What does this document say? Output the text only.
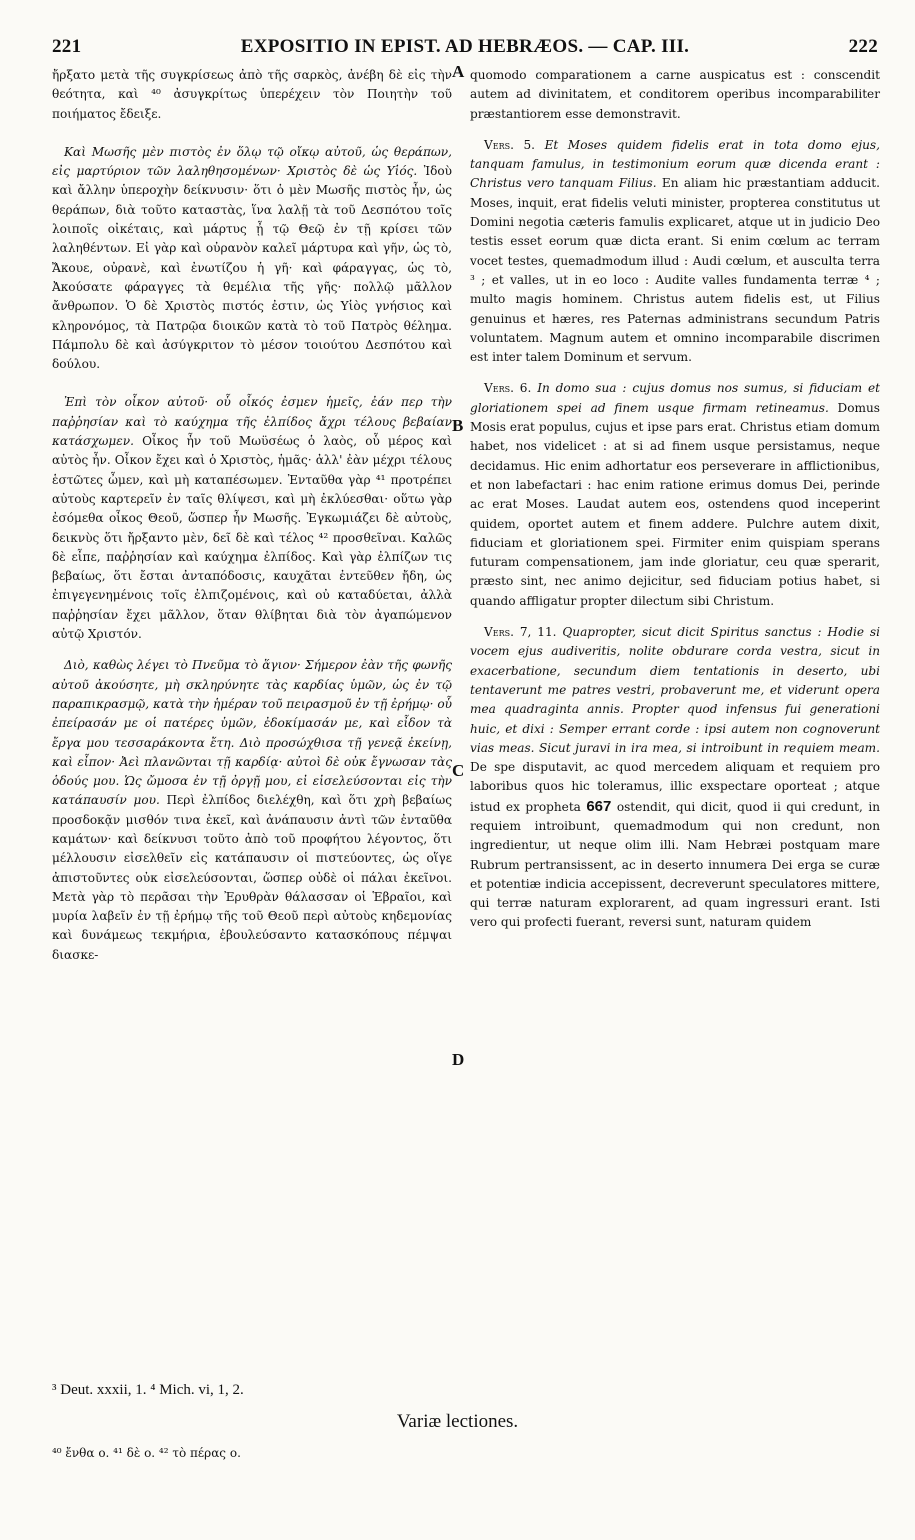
221	EXPOSITIO IN EPIST. AD HEBRÆOS. — CAP. III.	222
A
B
C
D

ἤρξατο μετὰ τῆς συγκρίσεως ἀπὸ τῆς σαρκὸς, ἀνέβη δὲ εἰς τὴν θεότητα, καὶ ⁴⁰ ἀσυγκρίτως ὑπερέχειν τὸν Ποιητὴν τοῦ ποιήματος ἔδειξε.

Καὶ Μωσῆς μὲν πιστὸς ἐν ὅλῳ τῷ οἴκῳ αὐτοῦ, ὡς θεράπων, εἰς μαρτύριον τῶν λαληθησομένων· Χριστὸς δὲ ὡς Υἱός. Ἰδοὺ καὶ ἄλλην ὑπεροχὴν δείκνυσιν· ὅτι ὁ μὲν Μωσῆς πιστὸς ἦν, ὡς θεράπων, διὰ τοῦτο καταστὰς, ἵνα λαλῇ τὰ τοῦ Δεσπότου τοῖς λοιποῖς οἰκέταις, καὶ μάρτυς ᾖ τῷ Θεῷ ἐν τῇ κρίσει τῶν λαληθέντων. Εἰ γὰρ καὶ οὐρανὸν καλεῖ μάρτυρα καὶ γῆν, ὡς τὸ, Ἄκουε, οὐρανὲ, καὶ ἐνωτίζου ἡ γῆ· καὶ φάραγγας, ὡς τὸ, Ἀκούσατε φάραγγες τὰ θεμέλια τῆς γῆς· πολλῷ μᾶλλον ἄνθρωπον. Ὁ δὲ Χριστὸς πιστός ἐστιν, ὡς Υἱὸς γνήσιος καὶ κληρονόμος, τὰ Πατρῷα διοικῶν κατὰ τὸ τοῦ Πατρὸς θέλημα. Πάμπολυ δὲ καὶ ἀσύγκριτον τὸ μέσον τοιούτου Δεσπότου καὶ δούλου.

Ἐπὶ τὸν οἶκον αὐτοῦ· οὗ οἶκός ἐσμεν ἡμεῖς, ἐάν περ τὴν παῤῥησίαν καὶ τὸ καύχημα τῆς ἐλπίδος ἄχρι τέλους βεβαίαν κατάσχωμεν. Οἶκος ἦν τοῦ Μωϋσέως ὁ λαὸς, οὗ μέρος καὶ αὐτὸς ἦν. Οἶκον ἔχει καὶ ὁ Χριστὸς, ἡμᾶς· ἀλλ' ἐὰν μέχρι τέλους ἑστῶτες ὦμεν, καὶ μὴ καταπέσωμεν. Ἐνταῦθα γὰρ ⁴¹ προτρέπει αὐτοὺς καρτερεῖν ἐν ταῖς θλίψεσι, καὶ μὴ ἐκλύεσθαι· οὕτω γὰρ ἐσόμεθα οἶκος Θεοῦ, ὥσπερ ἦν Μωσῆς. Ἐγκωμιάζει δὲ αὐτοὺς, δεικνὺς ὅτι ἤρξαντο μὲν, δεῖ δὲ καὶ τέλος ⁴² προσθεῖναι. Καλῶς δὲ εἶπε, παῤῥησίαν καὶ καύχημα ἐλπίδος. Καὶ γὰρ ἐλπίζων τις βεβαίως, ὅτι ἔσται ἀνταπόδοσις, καυχᾶται ἐντεῦθεν ἤδη, ὡς ἐπιγεγενημένοις τοῖς ἐλπιζομένοις, καὶ οὐ καταδύεται, ἀλλὰ παῤῥησίαν ἔχει μᾶλλον, ὅταν θλίβηται διὰ τὸν ἀγαπώμενον αὐτῷ Χριστόν.

Διὸ, καθὼς λέγει τὸ Πνεῦμα τὸ ἅγιον· Σήμερον ἐὰν τῆς φωνῆς αὐτοῦ ἀκούσητε, μὴ σκληρύνητε τὰς καρδίας ὑμῶν, ὡς ἐν τῷ παραπικρασμῷ, κατὰ τὴν ἡμέραν τοῦ πειρασμοῦ ἐν τῇ ἐρήμῳ· οὗ ἐπείρασάν με οἱ πατέρες ὑμῶν, ἐδοκίμασάν με, καὶ εἶδον τὰ ἔργα μου τεσσαράκοντα ἔτη. Διὸ προσώχθισα τῇ γενεᾷ ἐκείνῃ, καὶ εἶπον· Ἀεὶ πλανῶνται τῇ καρδίᾳ· αὐτοὶ δὲ οὐκ ἔγνωσαν τὰς ὁδούς μου. Ὡς ὤμοσα ἐν τῇ ὀργῇ μου, εἰ εἰσελεύσονται εἰς τὴν κατάπαυσίν μου. Περὶ ἐλπίδος διελέχθη, καὶ ὅτι χρὴ βεβαίως προσδοκᾷν μισθόν τινα ἐκεῖ, καὶ ἀνάπαυσιν ἀντὶ τῶν ἐνταῦθα καμάτων· καὶ δείκνυσι τοῦτο ἀπὸ τοῦ προφήτου λέγοντος, ὅτι μέλλουσιν εἰσελθεῖν εἰς κατάπαυσιν οἱ πιστεύοντες, ὡς οἵγε ἀπιστοῦντες οὐκ εἰσελεύσονται, ὥσπερ οὐδὲ οἱ πάλαι ἐκεῖνοι. Μετὰ γὰρ τὸ περᾶσαι τὴν Ἐρυθρὰν θάλασσαν οἱ Ἑβραῖοι, καὶ μυρία λαβεῖν ἐν τῇ ἐρήμῳ τῆς τοῦ Θεοῦ περὶ αὐτοὺς κηδεμονίας καὶ δυνάμεως τεκμήρια, ἐβουλεύσαντο κατασκόπους πέμψαι διασκε-

quomodo comparationem a carne auspicatus est : conscendit autem ad divinitatem, et conditorem operibus incomparabiliter præstantiorem esse demonstravit.

Vers. 5. Et Moses quidem fidelis erat in tota domo ejus, tanquam famulus, in testimonium eorum quæ dicenda erant : Christus vero tanquam Filius. En aliam hic præstantiam adducit. Moses, inquit, erat fidelis veluti minister, propterea constitutus ut Domini negotia cæteris famulis explicaret, atque ut in judicio Deo testis esset eorum quæ dicta erant. Si enim cœlum ac terram vocet testes, quemadmodum illud : Audi cœlum, et ausculta terra ³ ; et valles, ut in eo loco : Audite valles fundamenta terræ ⁴ ; multo magis hominem. Christus autem fidelis est, ut Filius genuinus et hæres, res Paternas administrans secundum Patris voluntatem. Magnum autem et omnino incomparabile discrimen est inter talem Dominum et servum.

Vers. 6. In domo sua : cujus domus nos sumus, si fiduciam et gloriationem spei ad finem usque firmam retineamus. Domus Mosis erat populus, cujus et ipse pars erat. Christus etiam domum habet, nos videlicet : at si ad finem usque persistamus, neque decidamus. Hic enim adhortatur eos perseverare in afflictionibus, et non labefactari : hac enim ratione erimus domus Dei, perinde ac erat Moses. Laudat autem eos, ostendens quod inceperint quidem, oportet autem et finem addere. Pulchre autem dixit, fiduciam et gloriationem spei. Firmiter enim quispiam sperans futuram compensationem, jam inde gloriatur, ceu quæ sperarit, præsto sint, nec animo dejicitur, sed fiduciam potius habet, si quando affligatur propter dilectum sibi Christum.

Vers. 7, 11. Quapropter, sicut dicit Spiritus sanctus : Hodie si vocem ejus audiveritis, nolite obdurare corda vestra, sicut in exacerbatione, secundum diem tentationis in deserto, ubi tentaverunt me patres vestri, probaverunt me, et viderunt opera mea quadraginta annis. Propter quod infensus fui generationi huic, et dixi : Semper errant corde : ipsi autem non cognoverunt vias meas. Sicut juravi in ira mea, si introibunt in requiem meam. De spe disputavit, ac quod mercedem aliquam et requiem pro laboribus quos hic toleramus, illic exspectare oporteat ; atque istud ex propheta 667 ostendit, qui dicit, quod ii qui credunt, in requiem introibunt, quemadmodum qui non credunt, non ingredientur, ut neque olim illi. Nam Hebræi postquam mare Rubrum pertransissent, ac in deserto innumera Dei erga se curæ et potentiæ indicia accepissent, decreverunt speculatores mittere, qui terræ naturam explorarent, ad quam ingressuri erant. Isti vero qui profecti fuerant, reversi sunt, naturam quidem

³ Deut. xxxii, 1. ⁴ Mich. vi, 1, 2.
Variæ lectiones.
⁴⁰ ἔνθα ο. ⁴¹ δὲ ο. ⁴² τὸ πέρας ο.
